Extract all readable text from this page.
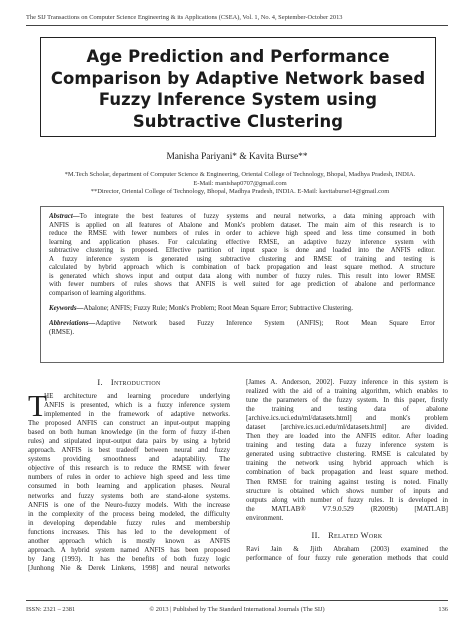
The SIJ Transactions on Computer Science Engineering & its Applications (CSEA), Vol. 1, No. 4, September-October 2013
Age Prediction and Performance
Comparison by Adaptive Network based
Fuzzy Inference System using
Subtractive Clustering
Manisha Pariyani* & Kavita Burse**
*M.Tech Scholar, department of Computer Science & Engineering, Oriental College of Technology, Bhopal, Madhya Pradesh, INDIA.
E-Mail: manishap0707@gmail.com
**Director, Oriental College of Technology, Bhopal, Madhya Pradesh, INDIA. E-Mail: kavitaburse14@gmail.com
Abstract—To integrate the best features of fuzzy systems and neural networks, a data mining approach with
ANFIS is applied on all features of Abalone and Monk's problem dataset. The main aim of this research is to
reduce the RMSE with fewer numbers of rules in order to achieve high speed and less time consumed in both
learning and application phases. For calculating effective RMSE, an adaptive fuzzy inference system with
subtractive clustering is proposed. Effective partition of input space is done and loaded into the ANFIS editor.
A fuzzy inference system is generated using subtractive clustering and RMSE of training and testing is
calculated by hybrid approach which is combination of back propagation and least square method. A structure
is generated which shows input and output data along with number of fuzzy rules. This result into lower RMSE
with fewer numbers of rules shows that ANFIS is well suited for age prediction of abalone and performance
comparison of learning algorithms.
Keywords—Abalone; ANFIS; Fuzzy Rule; Monk's Problem; Root Mean Square Error; Subtractive Clustering.
Abbreviations—Adaptive Network based Fuzzy Inference System (ANFIS); Root Mean Square Error
(RMSE).
I. Introduction
T
HE architecture and learning procedure underlying
ANFIS is presented, which is a fuzzy inference system
implemented in the framework of adaptive networks.
The proposed ANFIS can construct an input-output mapping
based on both human knowledge (in the form of fuzzy if-then
rules) and stipulated input-output data pairs by using a hybrid
approach. ANFIS is best tradeoff between neural and fuzzy
systems providing smoothness and adaptability. The
objective of this research is to reduce the RMSE with fewer
numbers of rules in order to achieve high speed and less time
consumed in both learning and application phases. Neural
networks and fuzzy systems both are stand-alone systems.
ANFIS is one of the Neuro-fuzzy models. With the increase
in the complexity of the process being modeled, the difficulty
in developing dependable fuzzy rules and membership
functions increases. This has led to the development of
another approach which is mostly known as ANFIS
approach. A hybrid system named ANFIS has been proposed
by Jang (1993). It has the benefits of both fuzzy logic
[Junhong Nie & Derek Linkens, 1998] and neural networks
[James A. Anderson, 2002]. Fuzzy inference in this system is
realized with the aid of a training algorithm, which enables to
tune the parameters of the fuzzy system. In this paper, firstly
the training and testing data of abalone
[archive.ics.uci.edu/ml/datasets.html] and monk's problem
dataset [archive.ics.uci.edu/ml/datasets.html] are divided.
Then they are loaded into the ANFIS editor. After loading
training and testing data a fuzzy inference system is
generated using subtractive clustering. RMSE is calculated by
training the network using hybrid approach which is
combination of back propagation and least square method.
Then RMSE for training against testing is noted. Finally
structure is obtained which shows number of inputs and
outputs along with number of fuzzy rules. It is developed in
the MATLAB® V7.9.0.529 (R2009b) [MATLAB]
environment.
II. Related Work
Ravi Jain & Jjith Abraham (2003) examined the
performance of four fuzzy rule generation methods that could
ISSN: 2321 – 2381	© 2013 | Published by The Standard International Journals (The SIJ)	136
